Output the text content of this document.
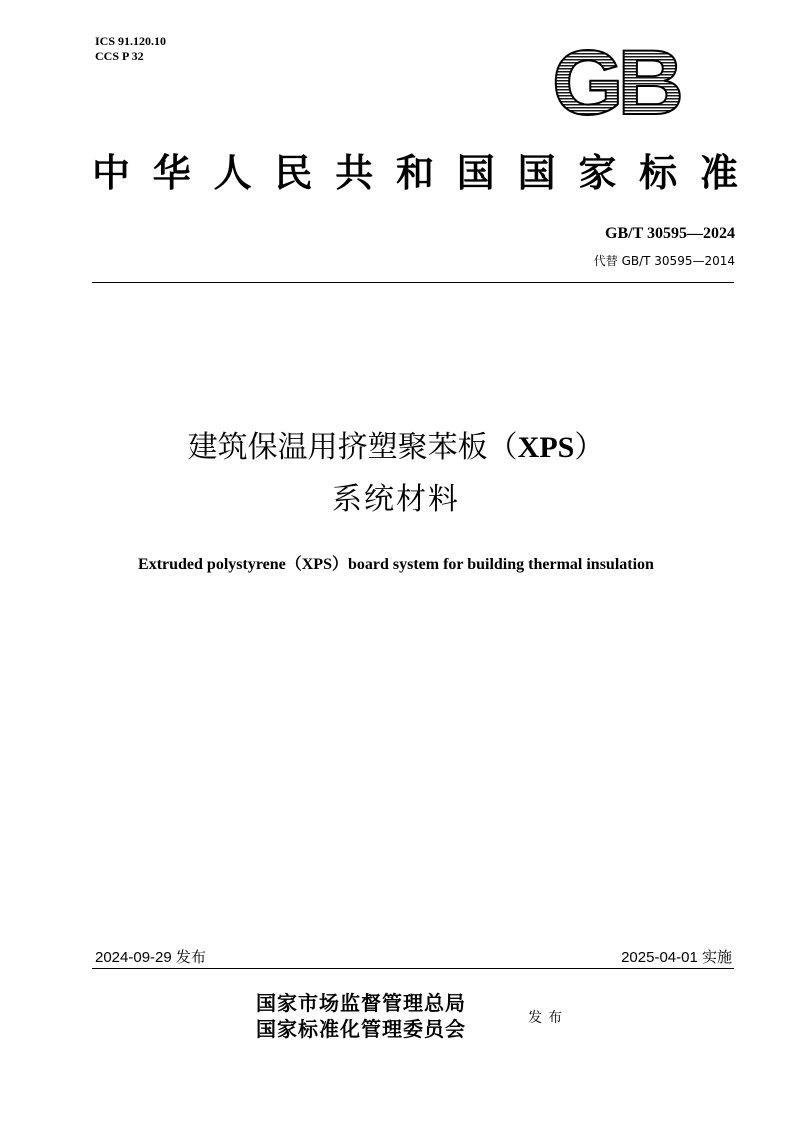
ICS 91.120.10
CCS P 32	GB
中华人民共和国国家标准
GB/T 30595—2024
代替 GB/T 30595—2014
建筑保温用挤塑聚苯板（XPS）
系统材料
Extruded polystyrene（XPS）board system for building thermal insulation
2024-09-29 发布	2025-04-01 实施
国家市场监督管理总局
国家标准化管理委员会	发布
